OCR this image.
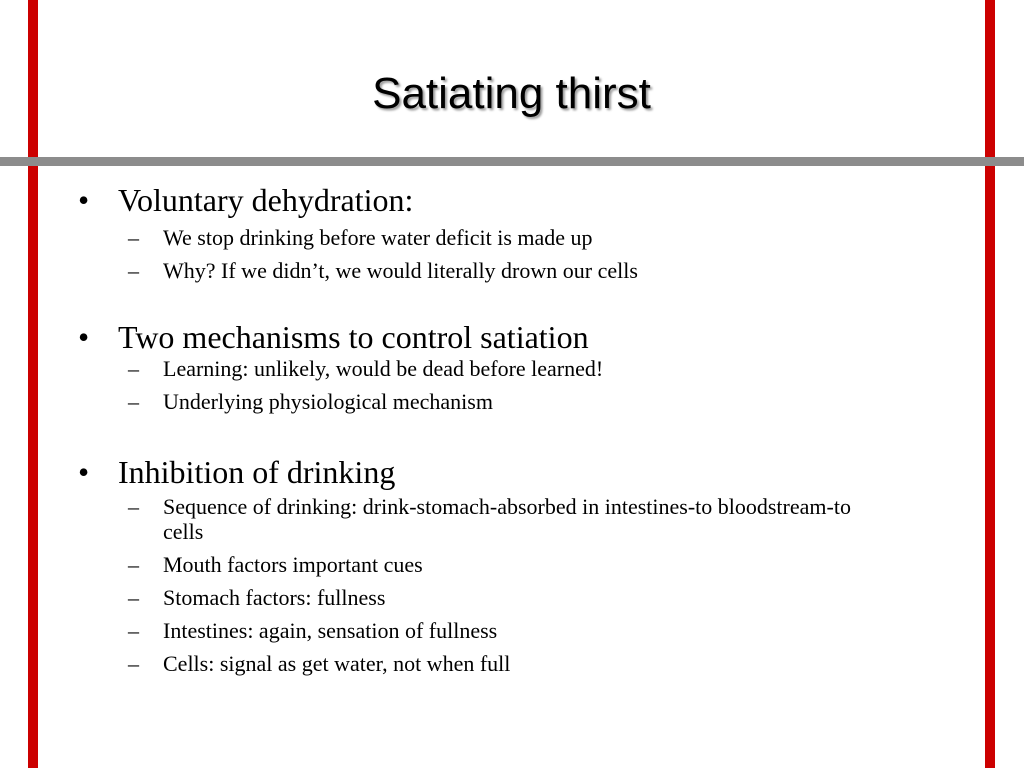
Satiating thirst
• Voluntary dehydration:
–	We stop drinking before water deficit is made up
–	Why? If we didn’t, we would literally drown our cells
• Two mechanisms to control satiation
–	Learning: unlikely, would be dead before learned!
–	Underlying physiological mechanism
• Inhibition of drinking
–	Sequence of drinking: drink-stomach-absorbed in intestines-to bloodstream-to cells
–	Mouth factors important cues
–	Stomach factors: fullness
–	Intestines: again, sensation of fullness
–	Cells: signal as get water, not when full
